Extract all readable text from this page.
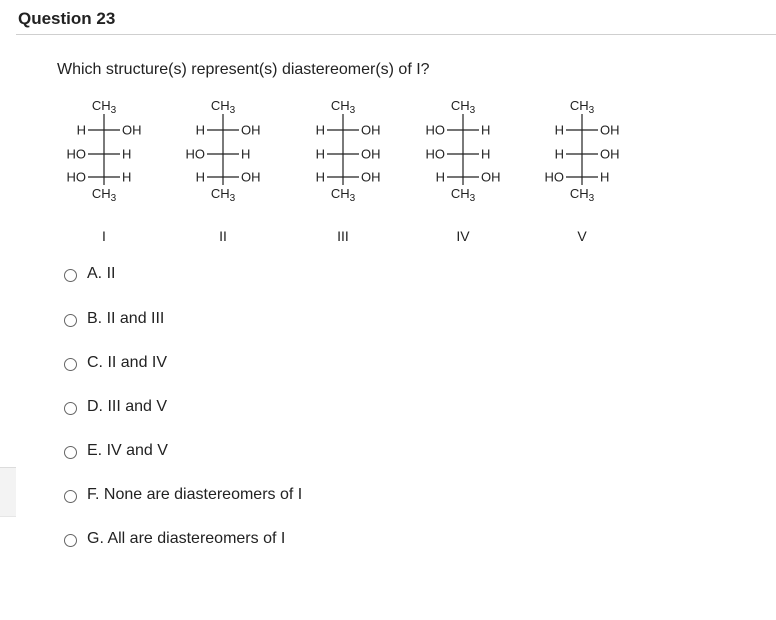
Question 23
Which structure(s) represent(s) diastereomer(s) of I?
$CH_3$
H	OH
HO	H
HO	H
$CH_3$
I
$CH_3$
H	OH
HO	H
H	OH
$CH_3$
II
$CH_3$
H	OH
H	OH
H	OH
$CH_3$
III
$CH_3$
HO	H
HO	H
H	OH
$CH_3$
IV
$CH_3$
H	OH
H	OH
HO	H
$CH_3$
V
A. II
B. II and III
C. II and IV
D. III and V
E. IV and V
F. None are diastereomers of I
G. All are diastereomers of I
